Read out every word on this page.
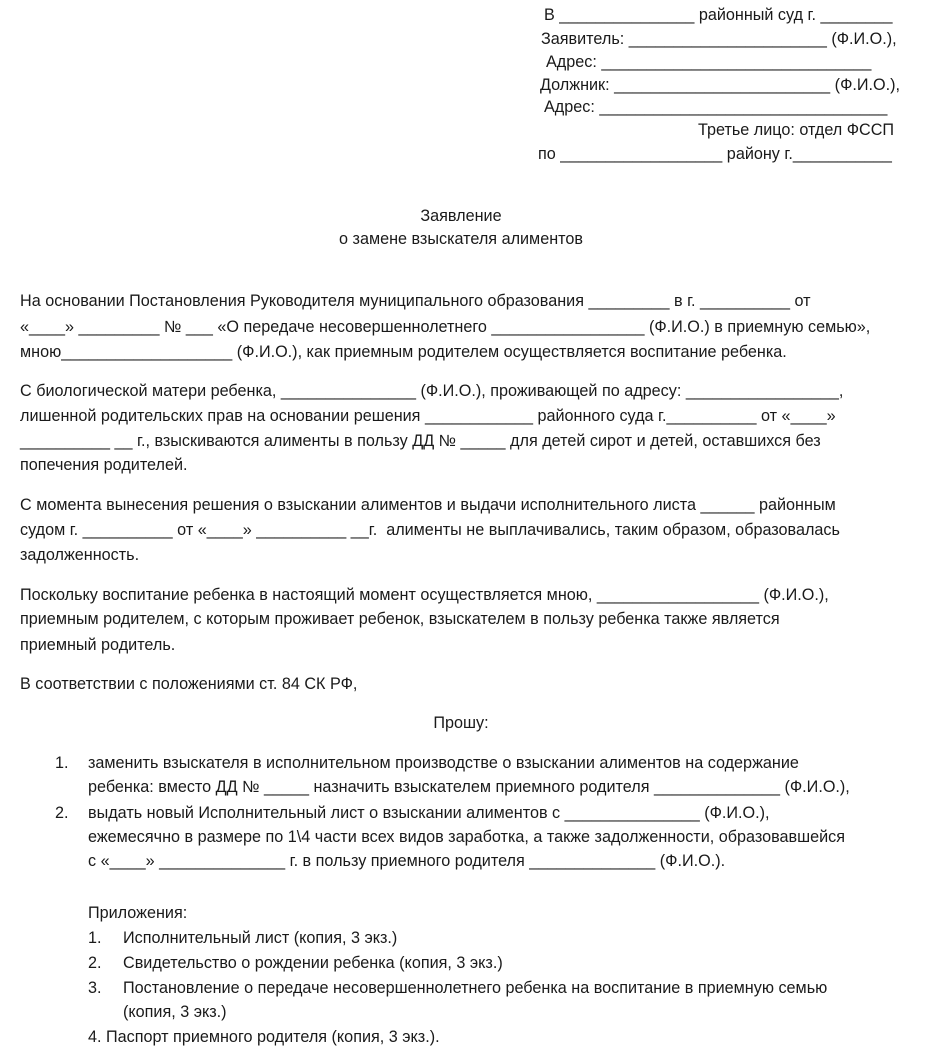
В _______________ районный суд г. ________
Заявитель: ______________________ (Ф.И.О.),
Адрес: ______________________________
Должник: ________________________ (Ф.И.О.),
Адрес: ________________________________
Третье лицо: отдел ФССП
по __________________ району г.___________
Заявление
о замене взыскателя алиментов
На основании Постановления Руководителя муниципального образования _________ в г. __________ от
«____» _________ № ___ «О передаче несовершеннолетнего _________________ (Ф.И.О.) в приемную семью»,
мною___________________ (Ф.И.О.), как приемным родителем осуществляется воспитание ребенка.
С биологической матери ребенка, _______________ (Ф.И.О.), проживающей по адресу: _________________,
лишенной родительских прав на основании решения ____________ районного суда г.__________ от «____»
__________ __ г., взыскиваются алименты в пользу ДД № _____ для детей сирот и детей, оставшихся без
попечения родителей.
С момента вынесения решения о взыскании алиментов и выдачи исполнительного листа ______ районным
судом г. __________ от «____» __________ __г.  алименты не выплачивались, таким образом, образовалась
задолженность.
Поскольку воспитание ребенка в настоящий момент осуществляется мною, __________________ (Ф.И.О.),
приемным родителем, с которым проживает ребенок, взыскателем в пользу ребенка также является
приемный родитель.
В соответствии с положениями ст. 84 СК РФ,
Прошу:
1. заменить взыскателя в исполнительном производстве о взыскании алиментов на содержание
ребенка: вместо ДД № _____ назначить взыскателем приемного родителя ______________ (Ф.И.О.),
2. выдать новый Исполнительный лист о взыскании алиментов с _______________ (Ф.И.О.),
ежемесячно в размере по 1\4 части всех видов заработка, а также задолженности, образовавшейся
с «____» ______________ г. в пользу приемного родителя ______________ (Ф.И.О.).
Приложения:
1. Исполнительный лист (копия, 3 экз.)
2. Свидетельство о рождении ребенка (копия, 3 экз.)
3. Постановление о передаче несовершеннолетнего ребенка на воспитание в приемную семью
(копия, 3 экз.)
4. Паспорт приемного родителя (копия, 3 экз.).
